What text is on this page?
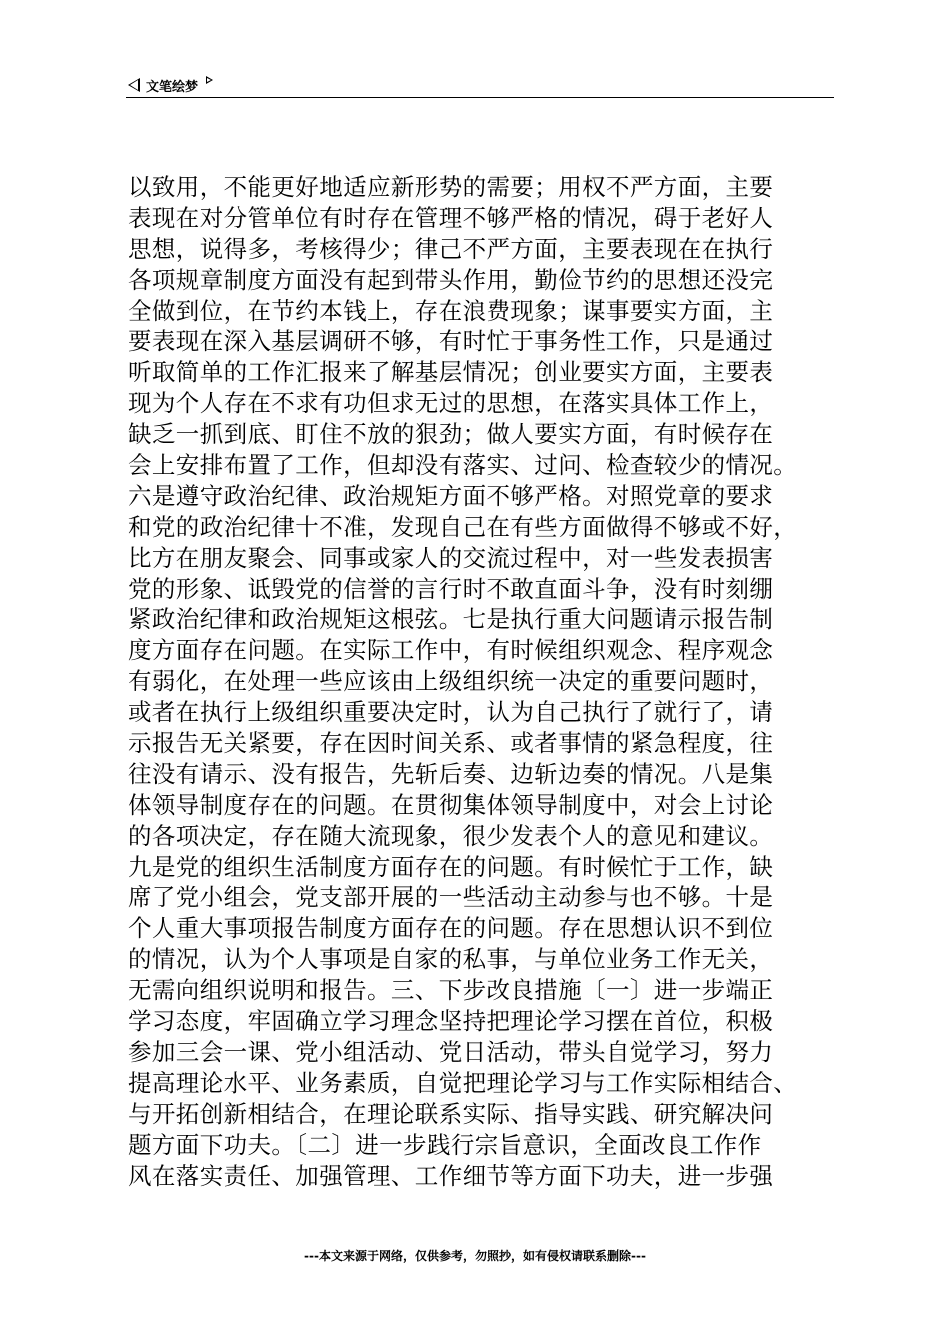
文笔绘梦
以致用，不能更好地适应新形势的需要；用权不严方面，主要
表现在对分管单位有时存在管理不够严格的情况，碍于老好人
思想，说得多，考核得少；律己不严方面，主要表现在在执行
各项规章制度方面没有起到带头作用，勤俭节约的思想还没完
全做到位，在节约本钱上，存在浪费现象；谋事要实方面，主
要表现在深入基层调研不够，有时忙于事务性工作，只是通过
听取简单的工作汇报来了解基层情况；创业要实方面，主要表
现为个人存在不求有功但求无过的思想，在落实具体工作上，
缺乏一抓到底、盯住不放的狠劲；做人要实方面，有时候存在
会上安排布置了工作，但却没有落实、过问、检查较少的情况。
六是遵守政治纪律、政治规矩方面不够严格。对照党章的要求
和党的政治纪律十不准，发现自己在有些方面做得不够或不好，
比方在朋友聚会、同事或家人的交流过程中，对一些发表损害
党的形象、诋毁党的信誉的言行时不敢直面斗争，没有时刻绷
紧政治纪律和政治规矩这根弦。七是执行重大问题请示报告制
度方面存在问题。在实际工作中，有时候组织观念、程序观念
有弱化，在处理一些应该由上级组织统一决定的重要问题时，
或者在执行上级组织重要决定时，认为自己执行了就行了，请
示报告无关紧要，存在因时间关系、或者事情的紧急程度，往
往没有请示、没有报告，先斩后奏、边斩边奏的情况。八是集
体领导制度存在的问题。在贯彻集体领导制度中，对会上讨论
的各项决定，存在随大流现象，很少发表个人的意见和建议。
九是党的组织生活制度方面存在的问题。有时候忙于工作，缺
席了党小组会，党支部开展的一些活动主动参与也不够。十是
个人重大事项报告制度方面存在的问题。存在思想认识不到位
的情况，认为个人事项是自家的私事，与单位业务工作无关，
无需向组织说明和报告。三、下步改良措施〔一〕进一步端正
学习态度，牢固确立学习理念坚持把理论学习摆在首位，积极
参加三会一课、党小组活动、党日活动，带头自觉学习，努力
提高理论水平、业务素质，自觉把理论学习与工作实际相结合、
与开拓创新相结合，在理论联系实际、指导实践、研究解决问
题方面下功夫。〔二〕进一步践行宗旨意识，全面改良工作作
风在落实责任、加强管理、工作细节等方面下功夫，进一步强
---本文来源于网络，仅供参考，勿照抄，如有侵权请联系删除---
